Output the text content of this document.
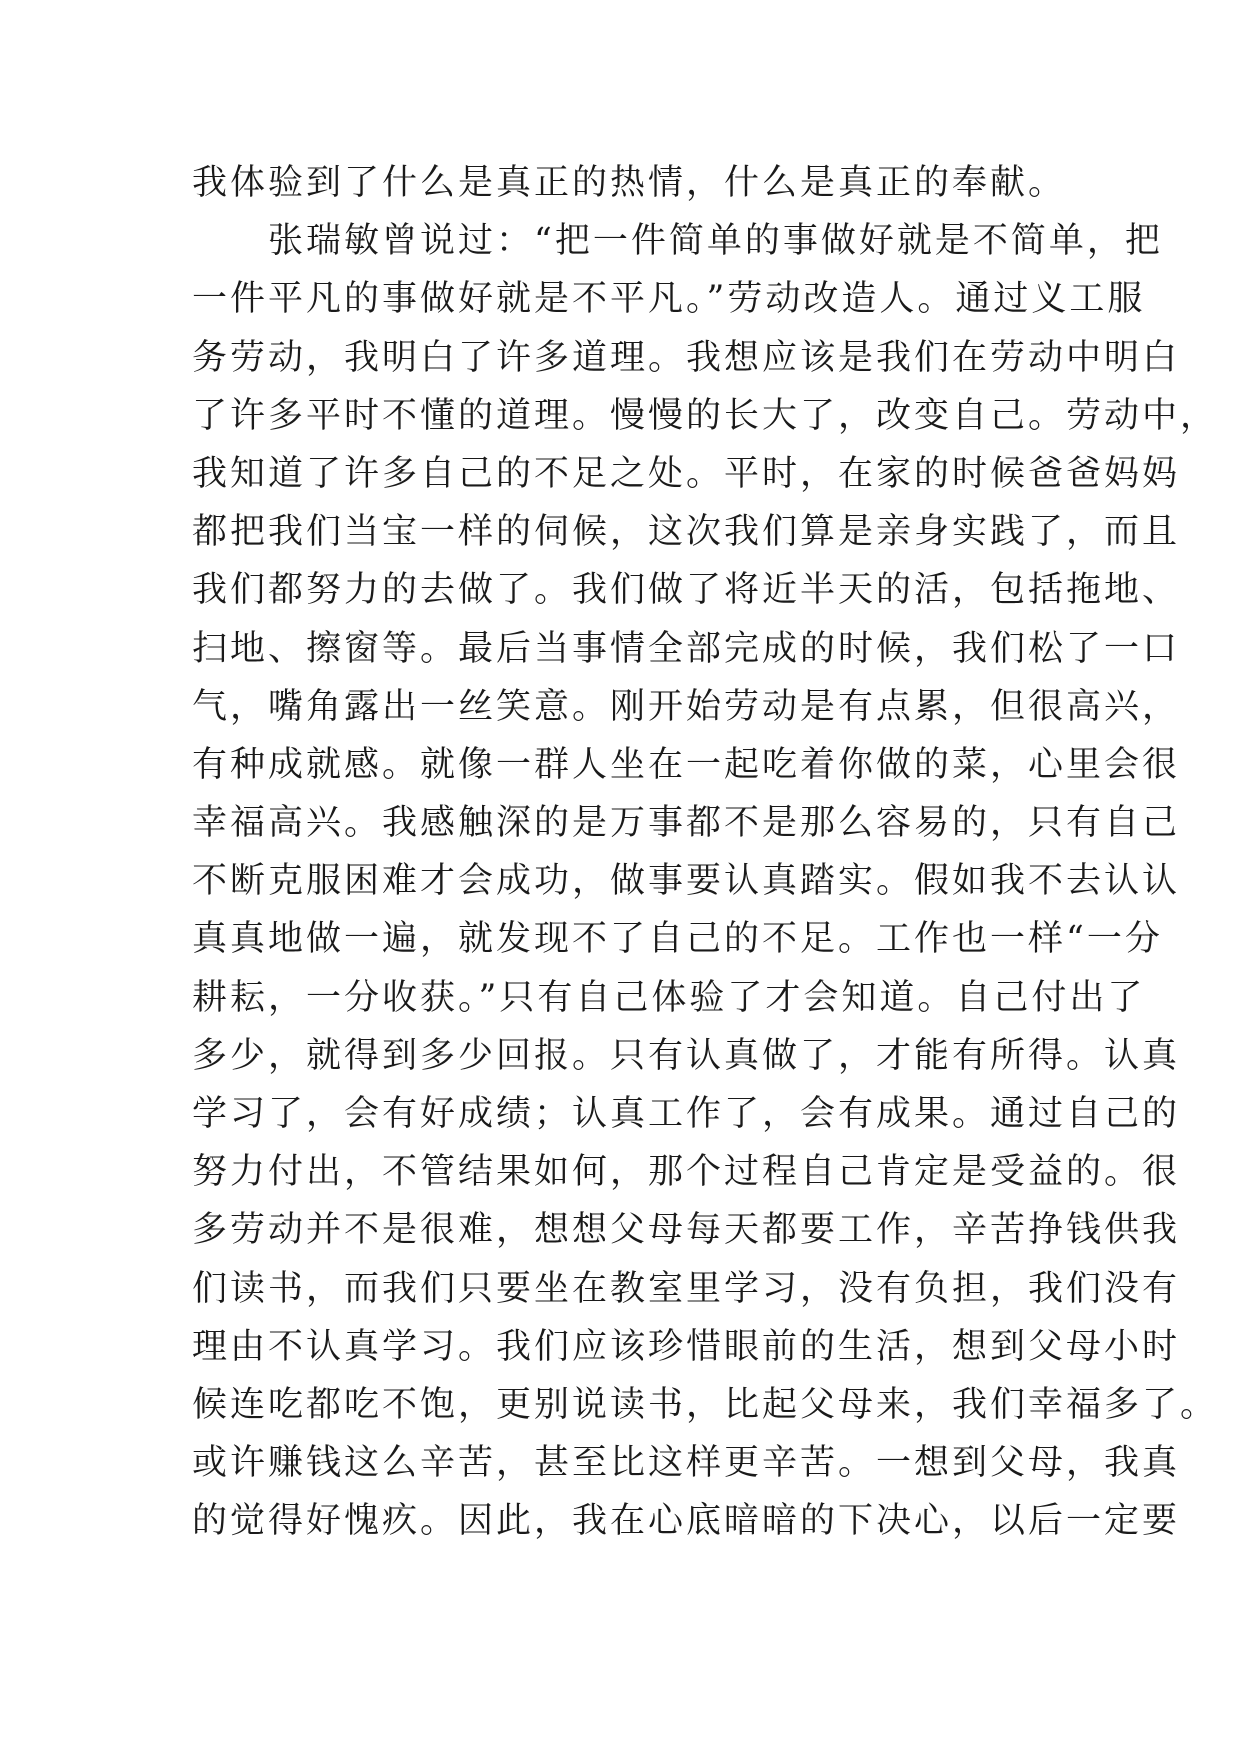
我体验到了什么是真正的热情，什么是真正的奉献。
　　张瑞敏曾说过：“把一件简单的事做好就是不简单，把
一件平凡的事做好就是不平凡。”劳动改造人。通过义工服
务劳动，我明白了许多道理。我想应该是我们在劳动中明白
了许多平时不懂的道理。慢慢的长大了，改变自己。劳动中，
我知道了许多自己的不足之处。平时，在家的时候爸爸妈妈
都把我们当宝一样的伺候，这次我们算是亲身实践了，而且
我们都努力的去做了。我们做了将近半天的活，包括拖地、
扫地、擦窗等。最后当事情全部完成的时候，我们松了一口
气，嘴角露出一丝笑意。刚开始劳动是有点累，但很高兴，
有种成就感。就像一群人坐在一起吃着你做的菜，心里会很
幸福高兴。我感触深的是万事都不是那么容易的，只有自己
不断克服困难才会成功，做事要认真踏实。假如我不去认认
真真地做一遍，就发现不了自己的不足。工作也一样“一分
耕耘，一分收获。”只有自己体验了才会知道。自己付出了
多少，就得到多少回报。只有认真做了，才能有所得。认真
学习了，会有好成绩；认真工作了，会有成果。通过自己的
努力付出，不管结果如何，那个过程自己肯定是受益的。很
多劳动并不是很难，想想父母每天都要工作，辛苦挣钱供我
们读书，而我们只要坐在教室里学习，没有负担，我们没有
理由不认真学习。我们应该珍惜眼前的生活，想到父母小时
候连吃都吃不饱，更别说读书，比起父母来，我们幸福多了。
或许赚钱这么辛苦，甚至比这样更辛苦。一想到父母，我真
的觉得好愧疚。因此，我在心底暗暗的下决心，以后一定要
